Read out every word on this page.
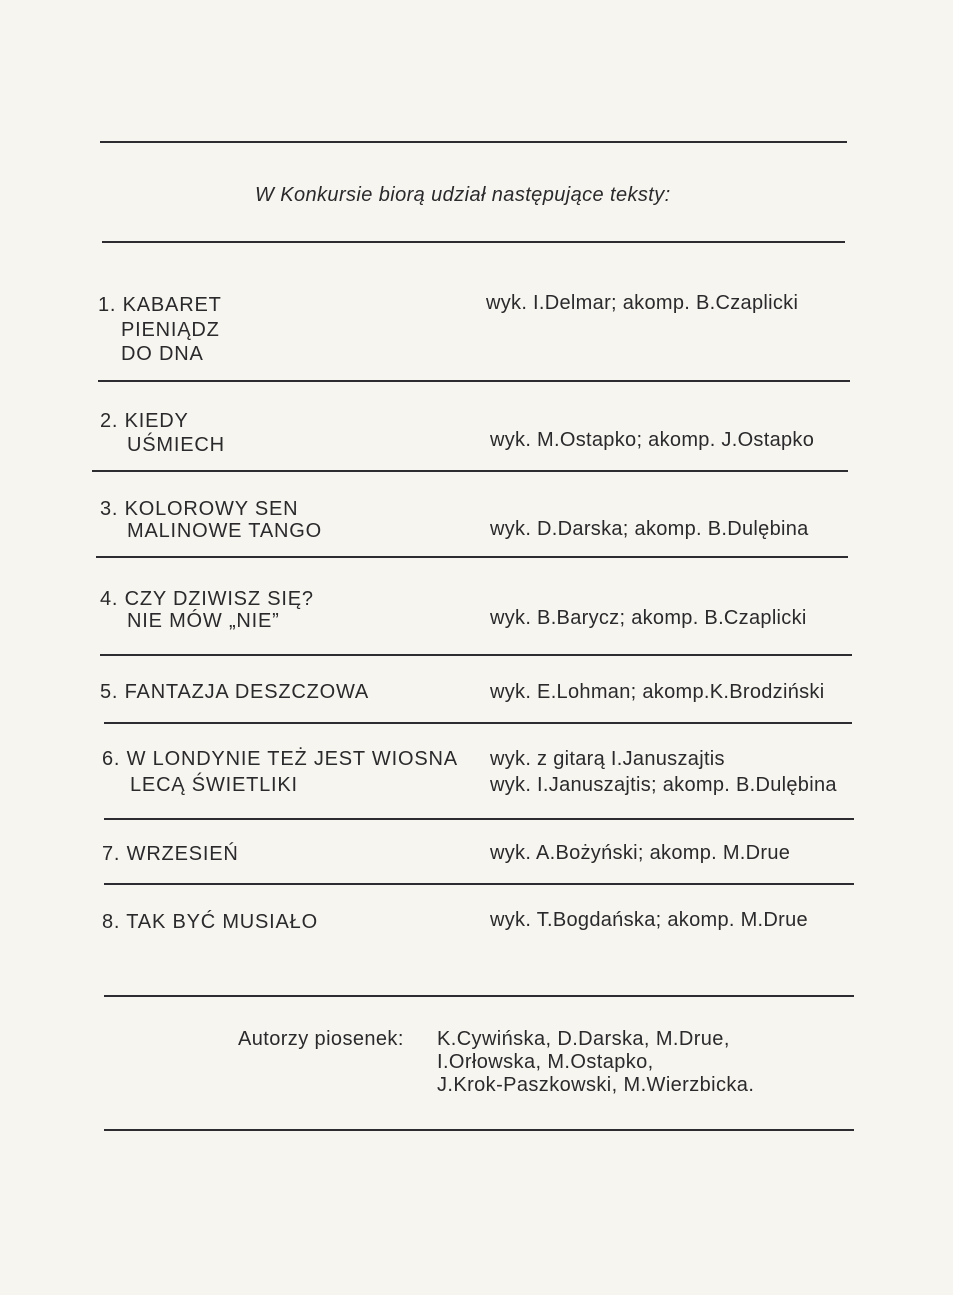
W Konkursie biorą udział następujące teksty:
1. KABARET
PIENIĄDZ
DO DNA
wyk. I.Delmar; akomp. B.Czaplicki
2. KIEDY
UŚMIECH	wyk. M.Ostapko; akomp. J.Ostapko
3. KOLOROWY SEN
MALINOWE TANGO	wyk. D.Darska; akomp. B.Dulębina
4. CZY DZIWISZ SIĘ?
NIE MÓW „NIE”	wyk. B.Barycz; akomp. B.Czaplicki
5. FANTAZJA DESZCZOWA	wyk. E.Lohman; akomp.K.Brodziński
6. W LONDYNIE TEŻ JEST WIOSNA
LECĄ ŚWIETLIKI
wyk. z gitarą I.Januszajtis
wyk. I.Januszajtis; akomp. B.Dulębina
7. WRZESIEŃ	wyk. A.Bożyński; akomp. M.Drue
8. TAK BYĆ MUSIAŁO	wyk. T.Bogdańska; akomp. M.Drue
Autorzy piosenek: K.Cywińska, D.Darska, M.Drue,
I.Orłowska, M.Ostapko,
J.Krok-Paszkowski, M.Wierzbicka.
